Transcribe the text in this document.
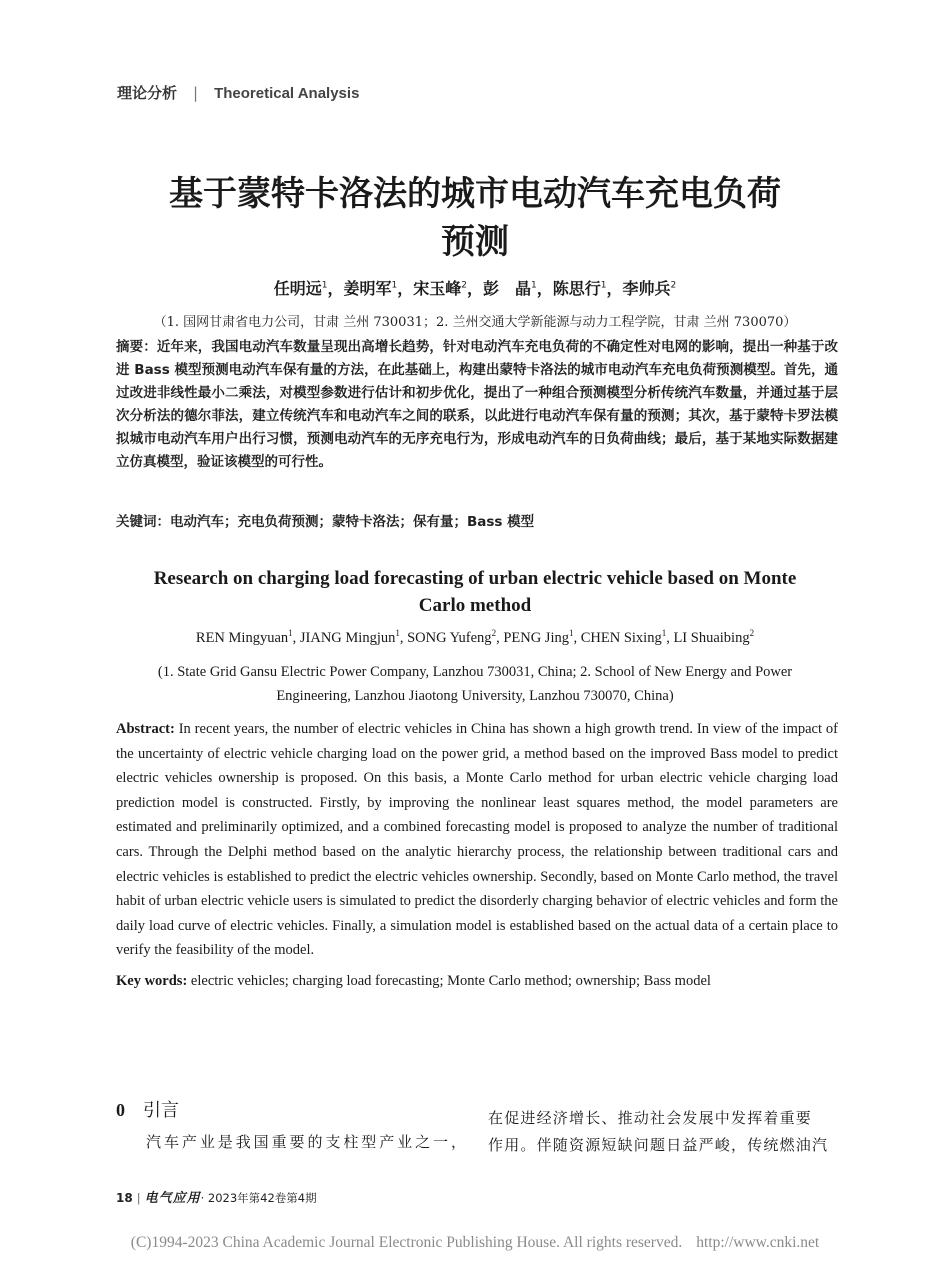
理论分析 | Theoretical Analysis
基于蒙特卡洛法的城市电动汽车充电负荷
预测
任明远$^1$，姜明军$^1$，宋玉峰$^2$，彭　晶$^1$，陈思行$^1$，李帅兵$^2$
（1. 国网甘肃省电力公司，甘肃 兰州 730031；2. 兰州交通大学新能源与动力工程学院，甘肃 兰州 730070）
摘要：近年来，我国电动汽车数量呈现出高增长趋势，针对电动汽车充电负荷的不确定性对电网的影响，提出一种基于改进 Bass 模型预测电动汽车保有量的方法，在此基础上，构建出蒙特卡洛法的城市电动汽车充电负荷预测模型。首先，通过改进非线性最小二乘法，对模型参数进行估计和初步优化，提出了一种组合预测模型分析传统汽车数量，并通过基于层次分析法的德尔菲法，建立传统汽车和电动汽车之间的联系，以此进行电动汽车保有量的预测；其次，基于蒙特卡罗法模拟城市电动汽车用户出行习惯，预测电动汽车的无序充电行为，形成电动汽车的日负荷曲线；最后，基于某地实际数据建立仿真模型，验证该模型的可行性。
关键词：电动汽车；充电负荷预测；蒙特卡洛法；保有量；Bass 模型
Research on charging load forecasting of urban electric vehicle based on Monte
Carlo method
REN Mingyuan$^1$, JIANG Mingjun$^1$, SONG Yufeng$^2$, PENG Jing$^1$, CHEN Sixing$^1$, LI Shuaibing$^2$
(1. State Grid Gansu Electric Power Company, Lanzhou 730031, China; 2. School of New Energy and Power
Engineering, Lanzhou Jiaotong University, Lanzhou 730070, China)
Abstract: In recent years, the number of electric vehicles in China has shown a high growth trend. In view of the impact of the uncertainty of electric vehicle charging load on the power grid, a method based on the improved Bass model to predict electric vehicles ownership is proposed. On this basis, a Monte Carlo method for urban electric vehicle charging load prediction model is constructed. Firstly, by improving the nonlinear least squares method, the model parameters are estimated and preliminarily optimized, and a combined forecasting model is proposed to analyze the number of traditional cars. Through the Delphi method based on the analytic hierarchy process, the relationship between traditional cars and electric vehicles is established to predict the electric vehicles ownership. Secondly, based on Monte Carlo method, the travel habit of urban electric vehicle users is simulated to predict the disorderly charging behavior of electric vehicles and form the daily load curve of electric vehicles. Finally, a simulation model is established based on the actual data of a certain place to verify the feasibility of the model.
Key words: electric vehicles; charging load forecasting; Monte Carlo method; ownership; Bass model
0 引言
汽车产业是我国重要的支柱型产业之一，
在促进经济增长、推动社会发展中发挥着重要
作用。伴随资源短缺问题日益严峻，传统燃油汽
18 | 电气应用· 2023年第42卷第4期
(C)1994-2023 China Academic Journal Electronic Publishing House. All rights reserved. http://www.cnki.net
